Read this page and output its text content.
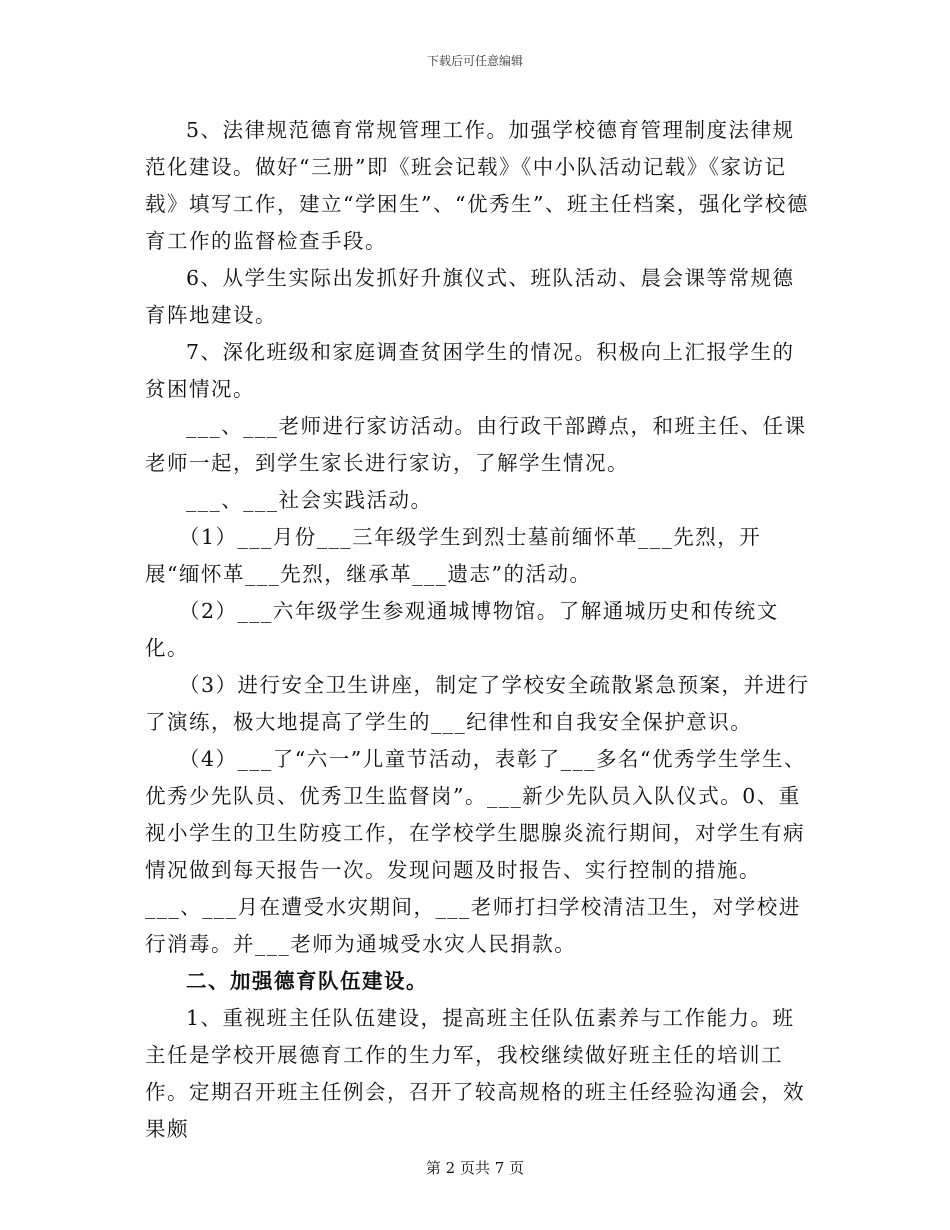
下载后可任意编辑

5、法律规范德育常规管理工作。加强学校德育管理制度法律规范化建设。做好“三册”即《班会记载》《中小队活动记载》《家访记载》填写工作，建立“学困生”、“优秀生”、班主任档案，强化学校德育工作的监督检查手段。

6、从学生实际出发抓好升旗仪式、班队活动、晨会课等常规德育阵地建设。

7、深化班级和家庭调查贫困学生的情况。积极向上汇报学生的贫困情况。

___、___老师进行家访活动。由行政干部蹲点，和班主任、任课老师一起，到学生家长进行家访，了解学生情况。

___、___社会实践活动。

（1）___月份___三年级学生到烈士墓前缅怀革___先烈，开展“缅怀革___先烈，继承革___遗志”的活动。

（2）___六年级学生参观通城博物馆。了解通城历史和传统文化。

（3）进行安全卫生讲座，制定了学校安全疏散紧急预案，并进行了演练，极大地提高了学生的___纪律性和自我安全保护意识。

（4）___了“六一”儿童节活动，表彰了___多名“优秀学生学生、优秀少先队员、优秀卫生监督岗”。___新少先队员入队仪式。0、重视小学生的卫生防疫工作，在学校学生腮腺炎流行期间，对学生有病情况做到每天报告一次。发现问题及时报告、实行控制的措施。___、___月在遭受水灾期间，___老师打扫学校清洁卫生，对学校进行消毒。并___老师为通城受水灾人民捐款。

二、加强德育队伍建设。

1、重视班主任队伍建设，提高班主任队伍素养与工作能力。班主任是学校开展德育工作的生力军，我校继续做好班主任的培训工作。定期召开班主任例会，召开了较高规格的班主任经验沟通会，效果颇

第 2 页共 7 页
